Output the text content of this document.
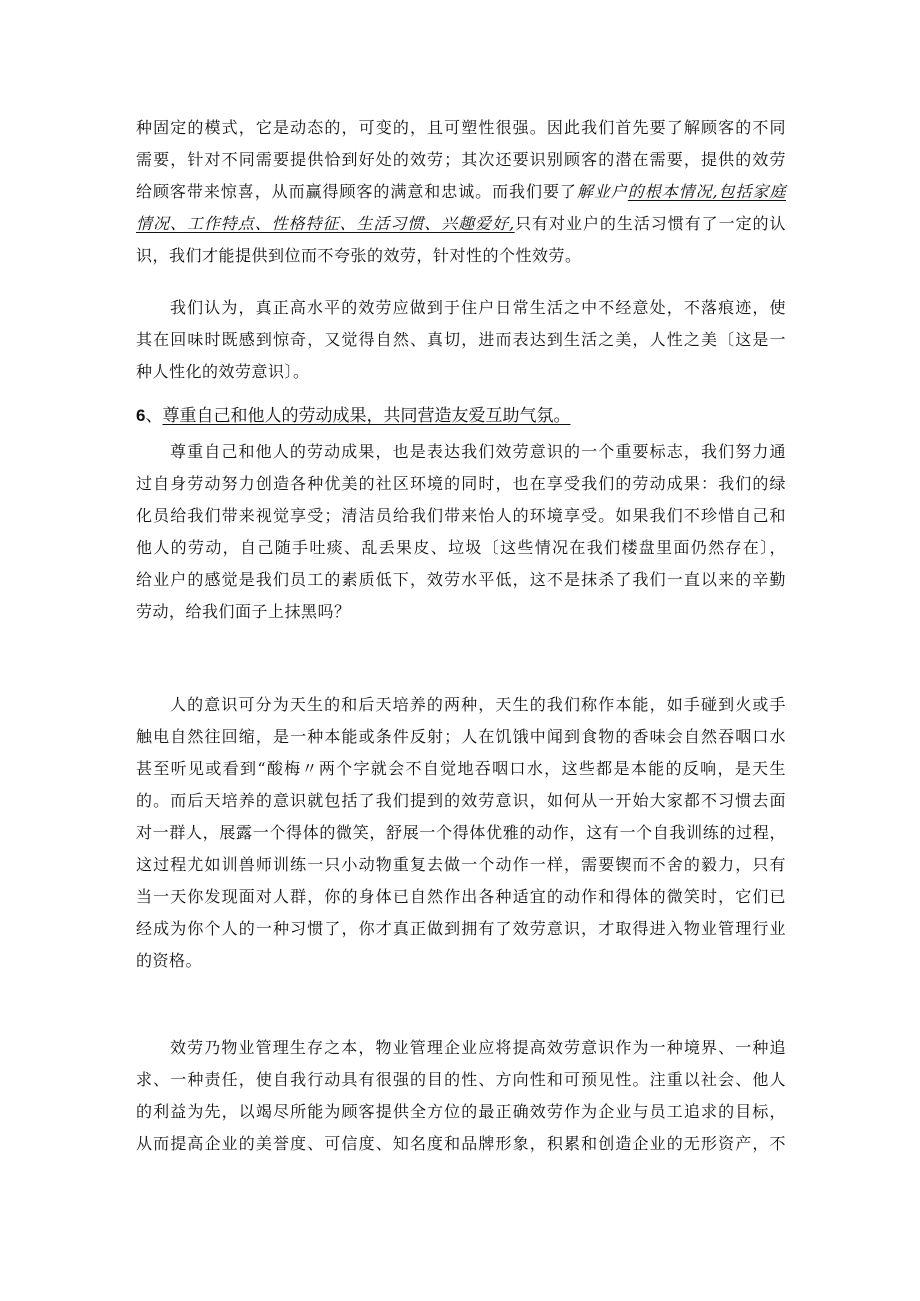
种固定的模式，它是动态的，可变的，且可塑性很强。因此我们首先要了解顾客的不同
需要，针对不同需要提供恰到好处的效劳；其次还要识别顾客的潜在需要，提供的效劳
给顾客带来惊喜，从而赢得顾客的满意和忠诚。而我们要了解业户的根本情况,包括家庭
情况、工作特点、性格特征、生活习惯、兴趣爱好,只有对业户的生活习惯有了一定的认
识，我们才能提供到位而不夸张的效劳，针对性的个性效劳。
我们认为，真正高水平的效劳应做到于住户日常生活之中不经意处，不落痕迹，使
其在回味时既感到惊奇，又觉得自然、真切，进而表达到生活之美，人性之美〔这是一
种人性化的效劳意识〕。
6、尊重自己和他人的劳动成果，共同营造友爱互助气氛。
尊重自己和他人的劳动成果，也是表达我们效劳意识的一个重要标志，我们努力通
过自身劳动努力创造各种优美的社区环境的同时，也在享受我们的劳动成果：我们的绿
化员给我们带来视觉享受；清洁员给我们带来怡人的环境享受。如果我们不珍惜自己和
他人的劳动，自己随手吐痰、乱丢果皮、垃圾〔这些情况在我们楼盘里面仍然存在〕，
给业户的感觉是我们员工的素质低下，效劳水平低，这不是抹杀了我们一直以来的辛勤
劳动，给我们面子上抹黑吗？
人的意识可分为天生的和后天培养的两种，天生的我们称作本能，如手碰到火或手
触电自然往回缩，是一种本能或条件反射；人在饥饿中闻到食物的香味会自然吞咽口水
甚至听见或看到“酸梅〃两个字就会不自觉地吞咽口水，这些都是本能的反响，是天生
的。而后天培养的意识就包括了我们提到的效劳意识，如何从一开始大家都不习惯去面
对一群人，展露一个得体的微笑，舒展一个得体优雅的动作，这有一个自我训练的过程，
这过程尤如训兽师训练一只小动物重复去做一个动作一样，需要锲而不舍的毅力，只有
当一天你发现面对人群，你的身体已自然作出各种适宜的动作和得体的微笑时，它们已
经成为你个人的一种习惯了，你才真正做到拥有了效劳意识，才取得进入物业管理行业
的资格。
效劳乃物业管理生存之本，物业管理企业应将提高效劳意识作为一种境界、一种追
求、一种责任，使自我行动具有很强的目的性、方向性和可预见性。注重以社会、他人
的利益为先，以竭尽所能为顾客提供全方位的最正确效劳作为企业与员工追求的目标，
从而提高企业的美誉度、可信度、知名度和品牌形象，积累和创造企业的无形资产，不
